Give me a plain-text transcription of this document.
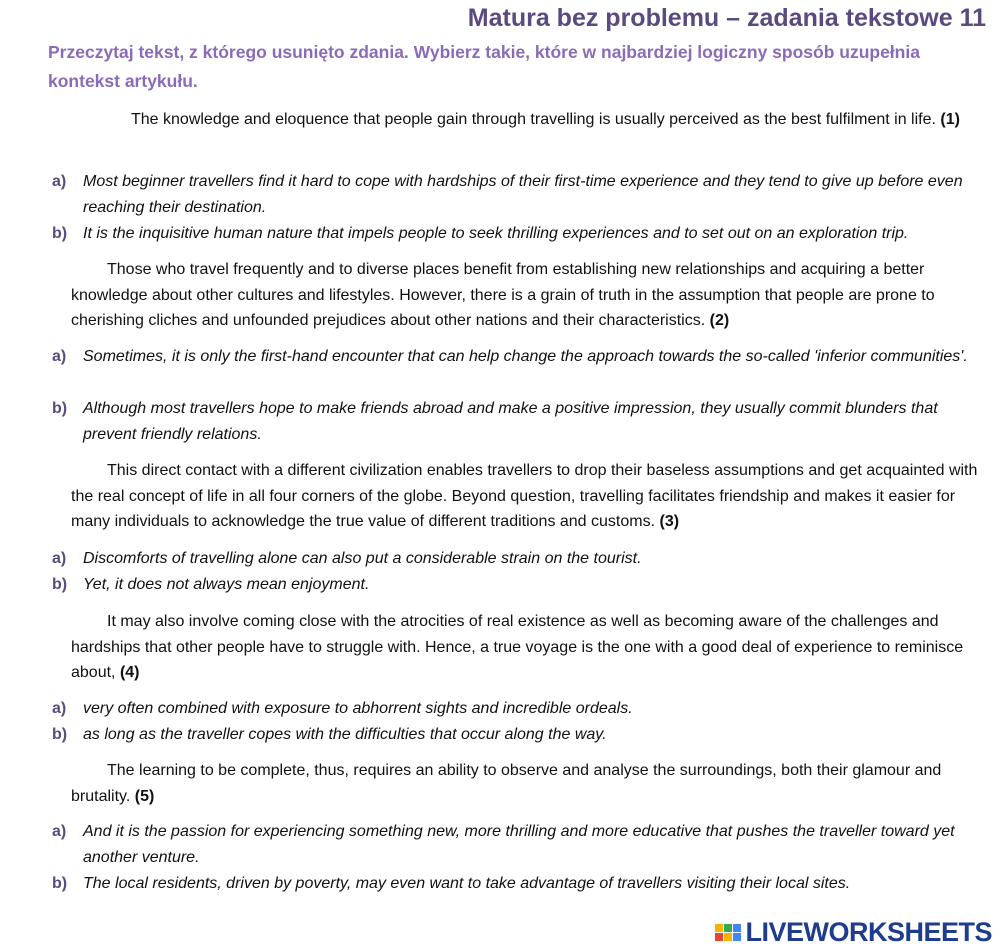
Matura bez problemu – zadania tekstowe 11
Przeczytaj tekst, z którego usunięto zdania. Wybierz takie, które w najbardziej logiczny sposób uzupełnia kontekst artykułu.
The knowledge and eloquence that people gain through travelling is usually perceived as the best fulfilment in life. (1)
a) Most beginner travellers find it hard to cope with hardships of their first-time experience and they tend to give up before even reaching their destination.
b) It is the inquisitive human nature that impels people to seek thrilling experiences and to set out on an exploration trip.
Those who travel frequently and to diverse places benefit from establishing new relationships and acquiring a better knowledge about other cultures and lifestyles. However, there is a grain of truth in the assumption that people are prone to cherishing cliches and unfounded prejudices about other nations and their characteristics. (2)
a) Sometimes, it is only the first-hand encounter that can help change the approach towards the so-called 'inferior communities'.
b) Although most travellers hope to make friends abroad and make a positive impression, they usually commit blunders that prevent friendly relations.
This direct contact with a different civilization enables travellers to drop their baseless assumptions and get acquainted with the real concept of life in all four corners of the globe. Beyond question, travelling facilitates friendship and makes it easier for many individuals to acknowledge the true value of different traditions and customs. (3)
a) Discomforts of travelling alone can also put a considerable strain on the tourist.
b) Yet, it does not always mean enjoyment.
It may also involve coming close with the atrocities of real existence as well as becoming aware of the challenges and hardships that other people have to struggle with. Hence, a true voyage is the one with a good deal of experience to reminisce about, (4)
a) very often combined with exposure to abhorrent sights and incredible ordeals.
b) as long as the traveller copes with the difficulties that occur along the way.
The learning to be complete, thus, requires an ability to observe and analyse the surroundings, both their glamour and brutality. (5)
a) And it is the passion for experiencing something new, more thrilling and more educative that pushes the traveller toward yet another venture.
b) The local residents, driven by poverty, may even want to take advantage of travellers visiting their local sites.
LIVEWORKSHEETS
